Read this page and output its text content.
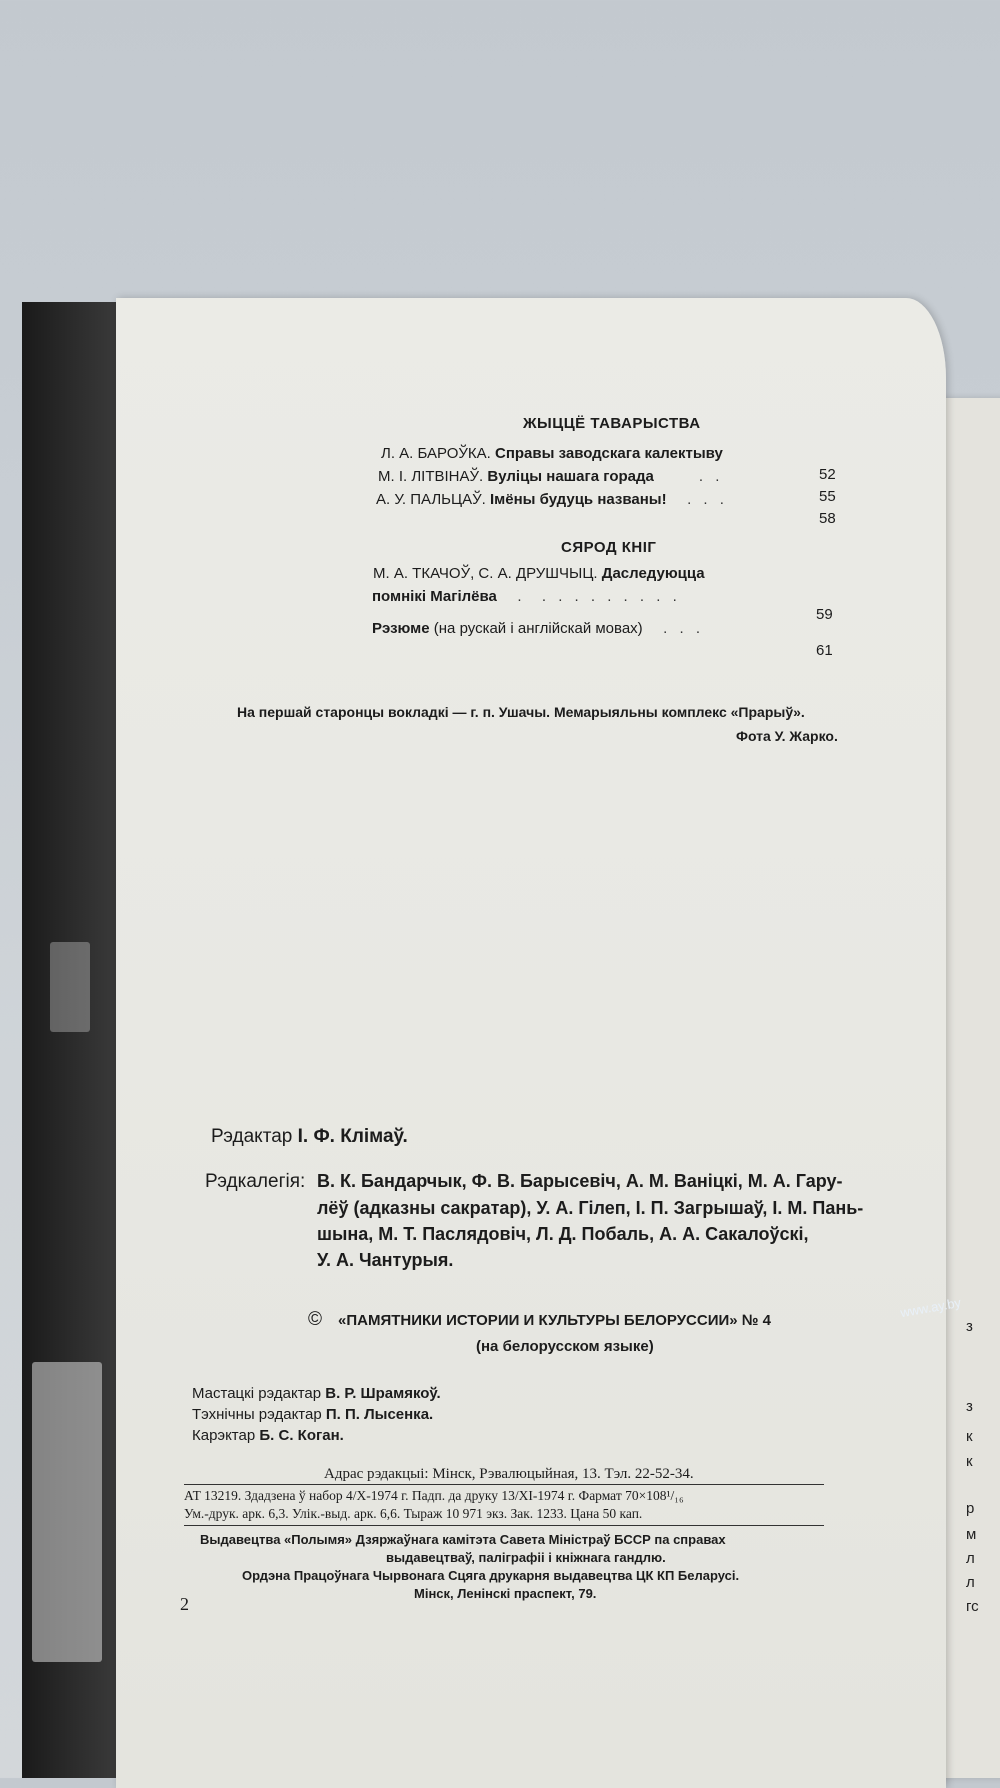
з
з
к
к
р
м
л
л
гс
ЖЫЦЦЁ ТАВАРЫСТВА
Л. А. БАРОЎКА. Справы заводскага калектыву
М. І. ЛІТВІНАЎ. Вуліцы нашага горада      . .
А. У. ПАЛЬЦАЎ. Імёны будуць названы!   . . .
52
55
58
СЯРОД КНІГ
М. А. ТКАЧОЎ, С. А. ДРУШЧЫЦ. Даследуюцца
помнікі Магілёва   .  . . . . . . . . .
59
Рэзюме (на рускай і англійскай мовах)   . . .
61
На першай старонцы вокладкі — г. п. Ушачы. Мемарыяльны комплекс «Прарыў».
Фота У. Жарко.
Рэдактар І. Ф. Клімаў.
Рэдкалегія: В. К. Бандарчык, Ф. В. Барысевіч, А. М. Ваніцкі, М. А. Гару-
лёў (адказны сакратар), У. А. Гілеп, І. П. Загрышаў, І. М. Пань-
шына, М. Т. Паслядовіч, Л. Д. Побаль, А. А. Сакалоўскі,
У. А. Чантурыя.
© «ПАМЯТНИКИ ИСТОРИИ И КУЛЬТУРЫ БЕЛОРУССИИ» № 4
(на белорусском языке)
Мастацкі рэдактар В. Р. Шрамякоў.
Тэхнічны рэдактар П. П. Лысенка.
Карэктар Б. С. Коган.
Адрас рэдакцыі: Мінск, Рэвалюцыйная, 13. Тэл. 22-52-34.
АТ 13219. Здадзена ў набор 4/Х-1974 г. Падп. да друку 13/ХІ-1974 г. Фармат 70×108¹/₁₆
Ум.-друк. арк. 6,3. Улік.-выд. арк. 6,6. Тыраж 10 971 экз. Зак. 1233. Цана 50 кап.
Выдавецтва «Полымя» Дзяржаўнага камітэта Савета Міністраў БССР па справах
выдавецтваў, паліграфіі і кніжнага гандлю.
Ордэна Працоўнага Чырвонага Сцяга друкарня выдавецтва ЦК КП Беларусі.
Мінск, Ленінскі праспект, 79.
2
www.ay.by
